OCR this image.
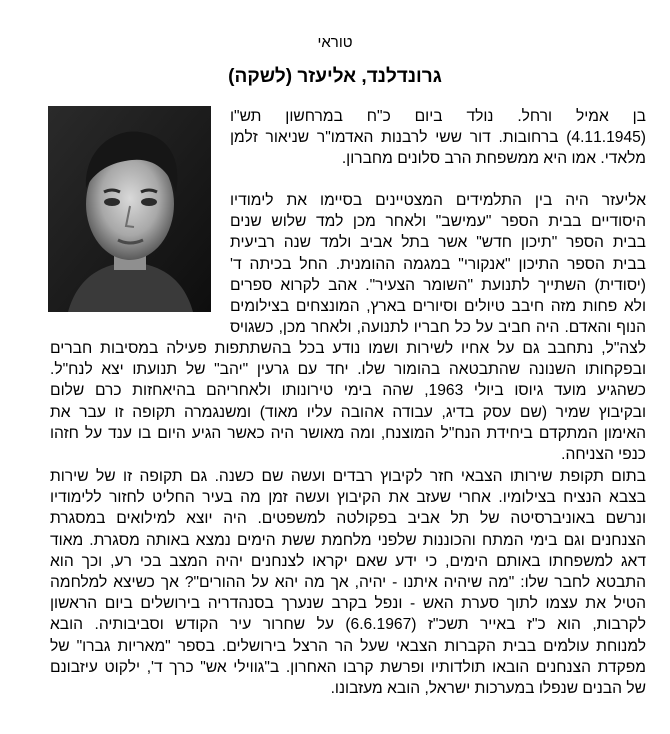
טוראי
גרונדלנד, אליעזר (לשקה)
בן אמיל ורחל. נולד ביום כ"ח במרחשון תש"ו
(4.11.1945) ברחובות. דור ששי לרבנות האדמו"ר שניאור זלמן
מלאדי. אמו היא ממשפחת הרב סלונים מחברון.
אליעזר היה בין התלמידים המצטיינים בסיימו את לימודיו
היסודיים בבית הספר "עמישב" ולאחר מכן למד שלוש שנים
בבית הספר "תיכון חדש" אשר בתל אביב ולמד שנה רביעית
בבית הספר התיכון "אנקורי" במגמה ההומנית. החל בכיתה ד'
(יסודית) השתייך לתנועת "השומר הצעיר". אהב לקרוא ספרים
ולא פחות מזה חיבב טיולים וסיורים בארץ, המונצחים בצילומים
הנוף והאדם. היה חביב על כל חבריו לתנועה, ולאחר מכן, כשגויס
לצה"ל, נתחבב גם על אחיו לשירות ושמו נודע בכל בהשתתפות פעילה במסיבות חברים
ובפקחותו השנונה שהתבטאה בהומור שלו. יחד עם גרעין "יהב" של תנועתו יצא לנח"ל.
כשהגיע מועד גיוסו ביולי 1963, שהה בימי טירונותו ולאחריהם בהיאחזות כרם שלום
ובקיבוץ שמיר (שם עסק בדיג, עבודה אהובה עליו מאוד) ומשנגמרה תקופה זו עבר את
האימון המתקדם ביחידת הנח"ל המוצנח, ומה מאושר היה כאשר הגיע היום בו ענד על חזהו
כנפי הצניחה.
בתום תקופת שירותו הצבאי חזר לקיבוץ רבדים ועשה שם כשנה. גם תקופה זו של שירות
בצבא הנציח בצילומיו. אחרי שעזב את הקיבוץ ועשה זמן מה בעיר החליט לחזור ללימודיו
ונרשם באוניברסיטה של תל אביב בפקולטה למשפטים. היה יוצא למילואים במסגרת
הצנחנים וגם בימי המתח והכוננות שלפני מלחמת ששת הימים נמצא באותה מסגרת. מאוד
דאג למשפחתו באותם הימים, כי ידע שאם יקראו לצנחנים יהיה המצב בכי רע, וכך הוא
התבטא לחבר שלו: "מה שיהיה איתנו - יהיה, אך מה יהא על ההורים"? אך כשיצא למלחמה
הטיל את עצמו לתוך סערת האש - ונפל בקרב שנערך בסנהדריה בירושלים ביום הראשון
לקרבות, הוא כ"ז באייר תשכ"ז (6.6.1967) על שחרור עיר הקודש וסביבותיה. הובא
למנוחת עולמים בבית הקברות הצבאי שעל הר הרצל בירושלים. בספר "מאריות גברו" של
מפקדת הצנחנים הובאו תולדותיו ופרשת קרבו האחרון. ב"גווילי אש" כרך ד', ילקוט עיזבונם
של הבנים שנפלו במערכות ישראל, הובא מעזבונו.
